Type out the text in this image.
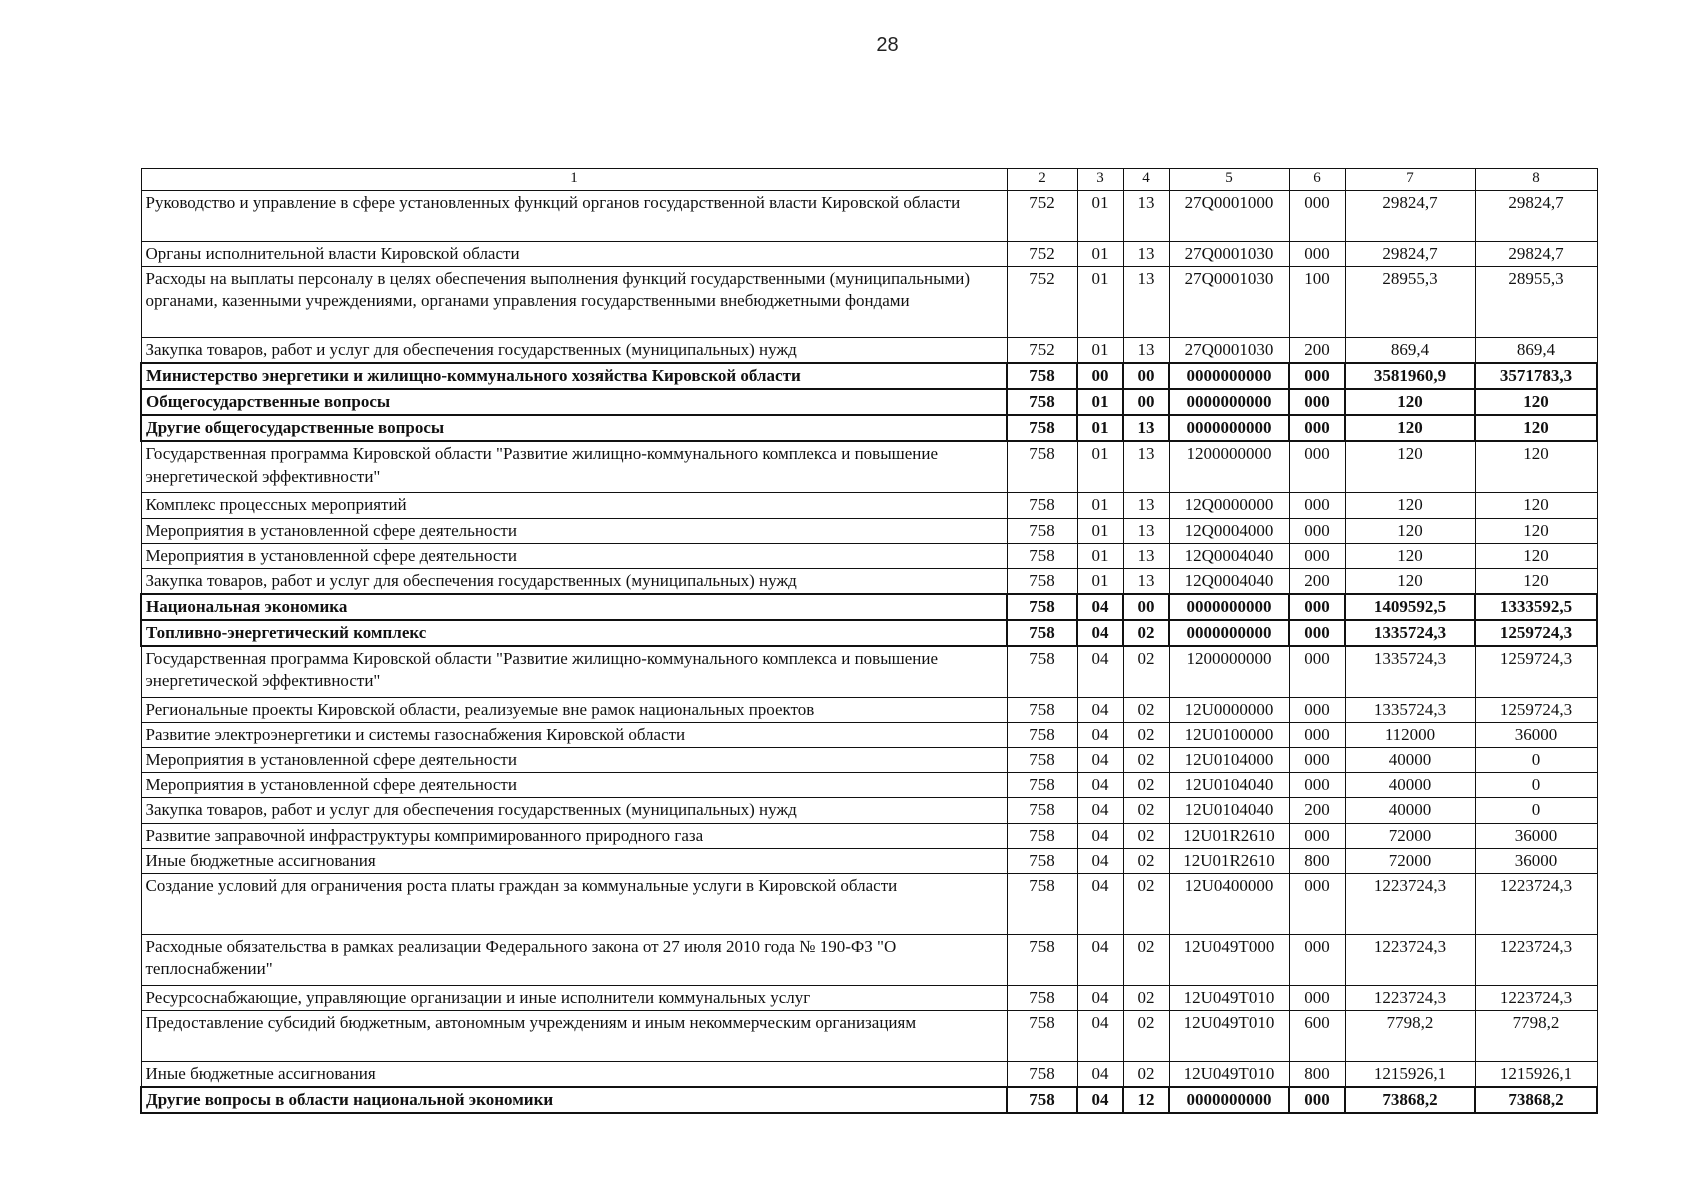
28
1	2	3	4	5	6	7	8
Руководство и управление в сфере установленных функций органов государственной власти Кировской области	752	01	13	27Q0001000	000	29824,7	29824,7
Органы исполнительной власти Кировской области	752	01	13	27Q0001030	000	29824,7	29824,7
Расходы на выплаты персоналу в целях обеспечения выполнения функций государственными (муниципальными) органами, казенными учреждениями, органами управления государственными внебюджетными фондами	752	01	13	27Q0001030	100	28955,3	28955,3
Закупка товаров, работ и услуг для обеспечения государственных (муниципальных) нужд	752	01	13	27Q0001030	200	869,4	869,4
Министерство энергетики и жилищно-коммунального хозяйства Кировской области	758	00	00	0000000000	000	3581960,9	3571783,3
Общегосударственные вопросы	758	01	00	0000000000	000	120	120
Другие общегосударственные вопросы	758	01	13	0000000000	000	120	120
Государственная программа Кировской области "Развитие жилищно-коммунального комплекса и повышение энергетической эффективности"	758	01	13	1200000000	000	120	120
Комплекс процессных мероприятий	758	01	13	12Q0000000	000	120	120
Мероприятия в установленной сфере деятельности	758	01	13	12Q0004000	000	120	120
Мероприятия в установленной сфере деятельности	758	01	13	12Q0004040	000	120	120
Закупка товаров, работ и услуг для обеспечения государственных (муниципальных) нужд	758	01	13	12Q0004040	200	120	120
Национальная экономика	758	04	00	0000000000	000	1409592,5	1333592,5
Топливно-энергетический комплекс	758	04	02	0000000000	000	1335724,3	1259724,3
Государственная программа Кировской области "Развитие жилищно-коммунального комплекса и повышение энергетической эффективности"	758	04	02	1200000000	000	1335724,3	1259724,3
Региональные проекты Кировской области, реализуемые вне рамок национальных проектов	758	04	02	12U0000000	000	1335724,3	1259724,3
Развитие электроэнергетики и системы газоснабжения Кировской области	758	04	02	12U0100000	000	112000	36000
Мероприятия в установленной сфере деятельности	758	04	02	12U0104000	000	40000	0
Мероприятия в установленной сфере деятельности	758	04	02	12U0104040	000	40000	0
Закупка товаров, работ и услуг для обеспечения государственных (муниципальных) нужд	758	04	02	12U0104040	200	40000	0
Развитие заправочной инфраструктуры компримированного природного газа	758	04	02	12U01R2610	000	72000	36000
Иные бюджетные ассигнования	758	04	02	12U01R2610	800	72000	36000
Создание условий для ограничения роста платы граждан за коммунальные услуги в Кировской области	758	04	02	12U0400000	000	1223724,3	1223724,3
Расходные обязательства в рамках реализации Федерального закона от 27 июля 2010 года № 190-ФЗ "О теплоснабжении"	758	04	02	12U049T000	000	1223724,3	1223724,3
Ресурсоснабжающие, управляющие организации и иные исполнители коммунальных услуг	758	04	02	12U049T010	000	1223724,3	1223724,3
Предоставление субсидий бюджетным, автономным учреждениям и иным некоммерческим организациям	758	04	02	12U049T010	600	7798,2	7798,2
Иные бюджетные ассигнования	758	04	02	12U049T010	800	1215926,1	1215926,1
Другие вопросы в области национальной экономики	758	04	12	0000000000	000	73868,2	73868,2
